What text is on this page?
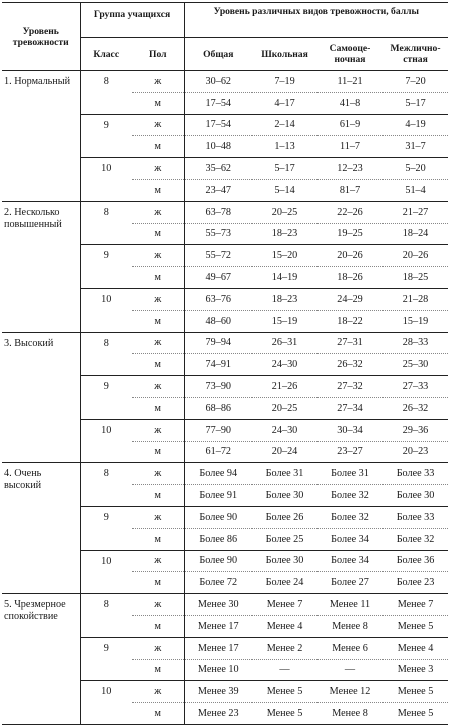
Уровень тревожности	Группа учащихся		Уровень различных видов тревожности, баллы			
	Класс	Пол	Общая	Школьная	Самооце-ночная	Межлично-стная
1. Нормальный	8	ж	30–62	7–19	11–21	7–20
		м	17–54	4–17	41–8	5–17
	9	ж	17–54	2–14	61–9	4–19
		м	10–48	1–13	11–7	31–7
	10	ж	35–62	5–17	12–23	5–20
		м	23–47	5–14	81–7	51–4
2. Несколько повышенный	8	ж	63–78	20–25	22–26	21–27
		м	55–73	18–23	19–25	18–24
	9	ж	55–72	15–20	20–26	20–26
		м	49–67	14–19	18–26	18–25
	10	ж	63–76	18–23	24–29	21–28
		м	48–60	15–19	18–22	15–19
3. Высокий	8	ж	79–94	26–31	27–31	28–33
		м	74–91	24–30	26–32	25–30
	9	ж	73–90	21–26	27–32	27–33
		м	68–86	20–25	27–34	26–32
	10	ж	77–90	24–30	30–34	29–36
		м	61–72	20–24	23–27	20–23
4. Очень высокий	8	ж	Более 94	Более 31	Более 31	Более 33
		м	Более 91	Более 30	Более 32	Более 30
	9	ж	Более 90	Более 26	Более 32	Более 33
		м	Более 86	Более 25	Более 34	Более 32
	10	ж	Более 90	Более 30	Более 34	Более 36
		м	Более 72	Более 24	Более 27	Более 23
5. Чрезмерное спокойствие	8	ж	Менее 30	Менее 7	Менее 11	Менее 7
		м	Менее 17	Менее 4	Менее 8	Менее 5
	9	ж	Менее 17	Менее 2	Менее 6	Менее 4
		м	Менее 10	—	—	Менее 3
	10	ж	Менее 39	Менее 5	Менее 12	Менее 5
		м	Менее 23	Менее 5	Менее 8	Менее 5
